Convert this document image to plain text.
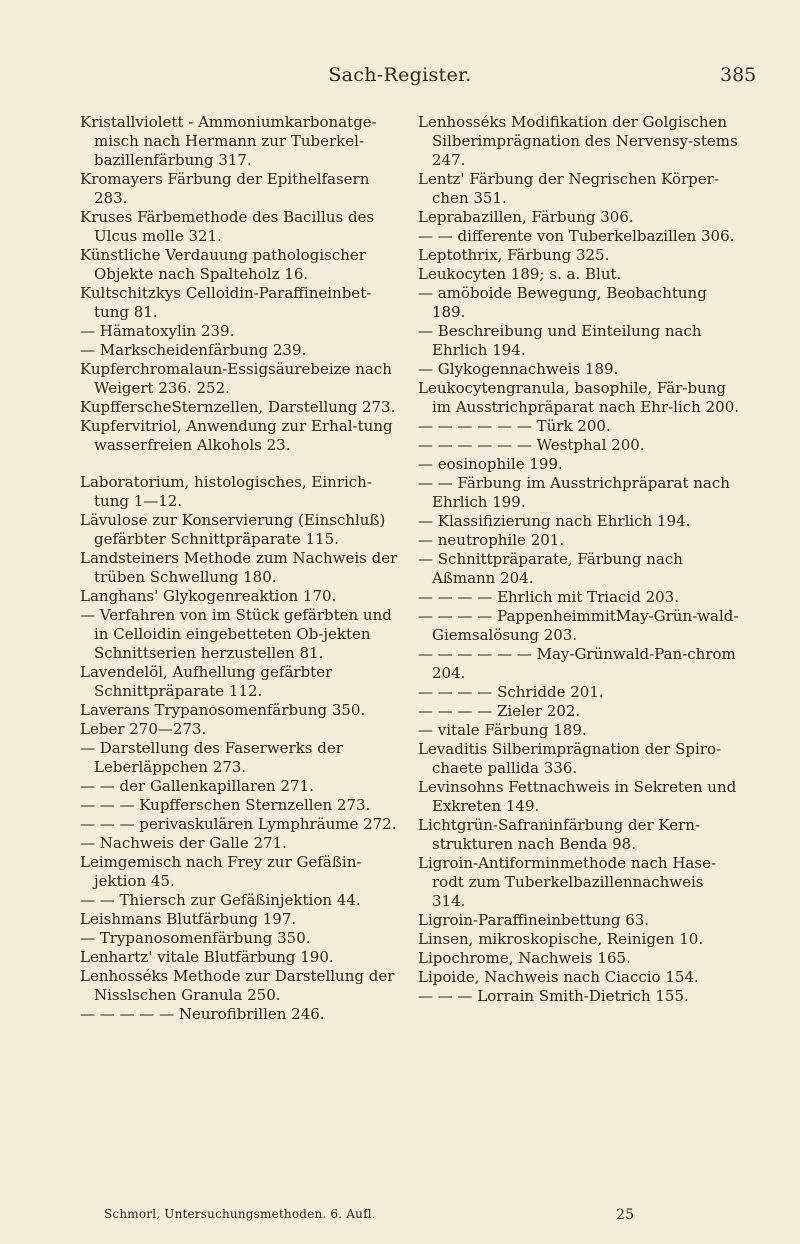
Sach-Register.	385

Kristallviolett - Ammoniumkarbonatge-misch nach Hermann zur Tuberkel-bazillenfärbung 317.

Kromayers Färbung der Epithelfasern 283.

Kruses Färbemethode des Bacillus des Ulcus molle 321.

Künstliche Verdauung pathologischer Objekte nach Spalteholz 16.

Kultschitzkys Celloidin-Paraffineinbet-tung 81.

— Hämatoxylin 239.

— Markscheidenfärbung 239.

Kupferchromalaun-Essigsäurebeize nach Weigert 236. 252.

KupfferscheSternzellen, Darstellung 273.

Kupfervitriol, Anwendung zur Erhal-tung wasserfreien Alkohols 23.

Laboratorium, histologisches, Einrich-tung 1—12.

Lävulose zur Konservierung (Einschluß) gefärbter Schnittpräparate 115.

Landsteiners Methode zum Nachweis der trüben Schwellung 180.

Langhans' Glykogenreaktion 170.

— Verfahren von im Stück gefärbten und in Celloidin eingebetteten Ob-jekten Schnittserien herzustellen 81.

Lavendelöl, Aufhellung gefärbter Schnittpräparate 112.

Laverans Trypanosomenfärbung 350.

Leber 270—273.

— Darstellung des Faserwerks der Leberläppchen 273.

— — der Gallenkapillaren 271.

— — — Kupfferschen Sternzellen 273.

— — — perivaskulären Lymphräume 272.

— Nachweis der Galle 271.

Leimgemisch nach Frey zur Gefäßin-jektion 45.

— — Thiersch zur Gefäßinjektion 44.

Leishmans Blutfärbung 197.

— Trypanosomenfärbung 350.

Lenhartz' vitale Blutfärbung 190.

Lenhosséks Methode zur Darstellung der Nisslschen Granula 250.

— — — — — Neurofibrillen 246.

Lenhosséks Modifikation der Golgischen Silberimprägnation des Nervensy-stems 247.

Lentz' Färbung der Negrischen Körper-chen 351.

Leprabazillen, Färbung 306.

— — differente von Tuberkelbazillen 306.

Leptothrix, Färbung 325.

Leukocyten 189; s. a. Blut.

— amöboide Bewegung, Beobachtung 189.

— Beschreibung und Einteilung nach Ehrlich 194.

— Glykogennachweis 189.

Leukocytengranula, basophile, Fär-bung im Ausstrichpräparat nach Ehr-lich 200.

— — — — — — Türk 200.

— — — — — — Westphal 200.

— eosinophile 199.

— — Färbung im Ausstrichpräparat nach Ehrlich 199.

— Klassifizierung nach Ehrlich 194.

— neutrophile 201.

— Schnittpräparate, Färbung nach Aßmann 204.

— — — — Ehrlich mit Triacid 203.

— — — — PappenheimmitMay-Grün-wald-Giemsalösung 203.

— — — — — — May-Grünwald-Pan-chrom 204.

— — — — Schridde 201.

— — — — Zieler 202.

— vitale Färbung 189.

Levaditis Silberimprägnation der Spiro-chaete pallida 336.

Levinsohns Fettnachweis in Sekreten und Exkreten 149.

Lichtgrün-Safraninfärbung der Kern-strukturen nach Benda 98.

Ligroin-Antiforminmethode nach Hase-rodt zum Tuberkelbazillennachweis 314.

Ligroin-Paraffineinbettung 63.

Linsen, mikroskopische, Reinigen 10.

Lipochrome, Nachweis 165.

Lipoide, Nachweis nach Ciaccio 154.

— — — Lorrain Smith-Dietrich 155.

Schmorl, Untersuchungsmethoden. 6. Aufl.	25
